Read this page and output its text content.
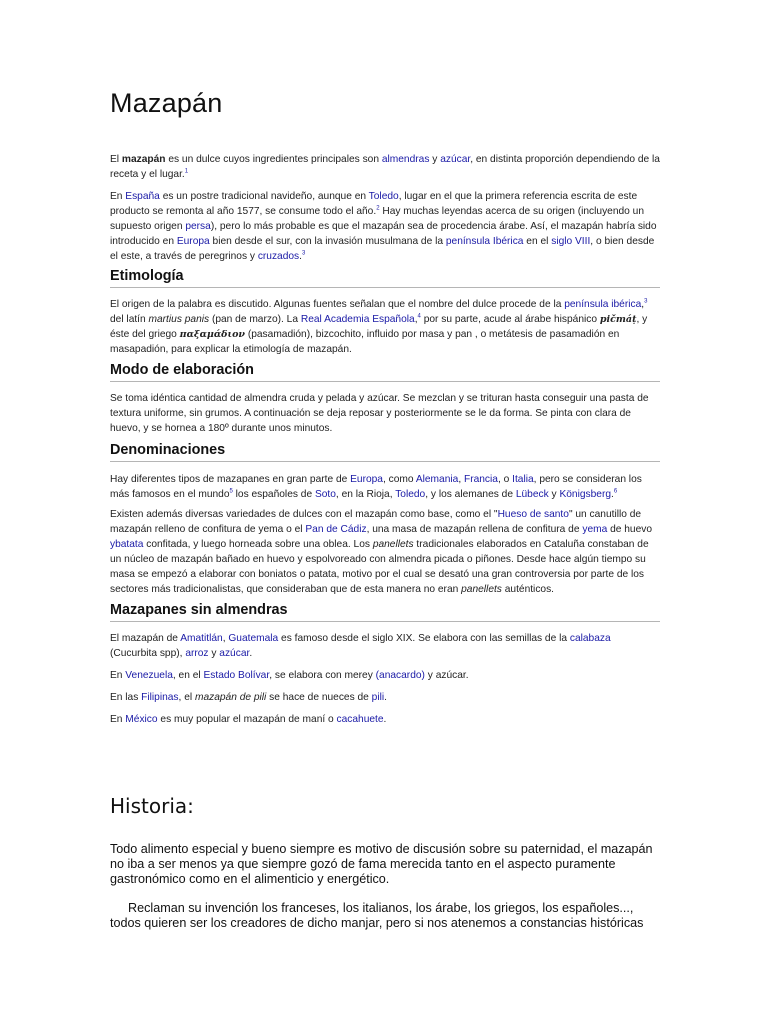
Mazapán

El mazapán es un dulce cuyos ingredientes principales son almendras y azúcar, en distinta proporción dependiendo de la receta y el lugar.$^1$

En España es un postre tradicional navideño, aunque en Toledo, lugar en el que la primera referencia escrita de este producto se remonta al año 1577, se consume todo el año.$^2$ Hay muchas leyendas acerca de su origen (incluyendo un supuesto origen persa), pero lo más probable es que el mazapán sea de procedencia árabe. Así, el mazapán habría sido introducido en Europa bien desde el sur, con la invasión musulmana de la península Ibérica en el siglo VIII, o bien desde el este, a través de peregrinos y cruzados.$^3$

Etimología

El origen de la palabra es discutido. Algunas fuentes señalan que el nombre del dulce procede de la península ibérica,$^3$ del latín martius panis (pan de marzo). La Real Academia Española,$^4$ por su parte, acude al árabe hispánico pičmáṭ, y éste del griego παξαμάδιον (pasamadión), bizcochito, influido por masa y pan , o metátesis de pasamadión en masapadión, para explicar la etimología de mazapán.

Modo de elaboración

Se toma idéntica cantidad de almendra cruda y pelada y azúcar. Se mezclan y se trituran hasta conseguir una pasta de textura uniforme, sin grumos. A continuación se deja reposar y posteriormente se le da forma. Se pinta con clara de huevo, y se hornea a 180º durante unos minutos.

Denominaciones

Hay diferentes tipos de mazapanes en gran parte de Europa, como Alemania, Francia, o Italia, pero se consideran los más famosos en el mundo$^5$ los españoles de Soto, en la Rioja, Toledo, y los alemanes de Lübeck y Königsberg.$^6$

Existen además diversas variedades de dulces con el mazapán como base, como el "Hueso de santo" un canutillo de mazapán relleno de confitura de yema o el Pan de Cádiz, una masa de mazapán rellena de confitura de yema de huevo ybatata confitada, y luego horneada sobre una oblea. Los panellets tradicionales elaborados en Cataluña constaban de un núcleo de mazapán bañado en huevo y espolvoreado con almendra picada o piñones. Desde hace algún tiempo su masa se empezó a elaborar con boniatos o patata, motivo por el cual se desató una gran controversia por parte de los sectores más tradicionalistas, que consideraban que de esta manera no eran panellets auténticos.

Mazapanes sin almendras

El mazapán de Amatitlán, Guatemala es famoso desde el siglo XIX. Se elabora con las semillas de la calabaza (Cucurbita spp), arroz y azúcar.

En Venezuela, en el Estado Bolívar, se elabora con merey (anacardo) y azúcar.

En las Filipinas, el mazapán de pili se hace de nueces de pili.

En México es muy popular el mazapán de maní o cacahuete.

Historia:

Todo alimento especial y bueno siempre es motivo de discusión sobre su paternidad, el mazapán no iba a ser menos ya que siempre gozó de fama merecida tanto en el aspecto puramente gastronómico como en el alimenticio y energético.

Reclaman su invención los franceses, los italianos, los árabe, los griegos, los españoles..., todos quieren ser los creadores de dicho manjar, pero si nos atenemos a constancias históricas
